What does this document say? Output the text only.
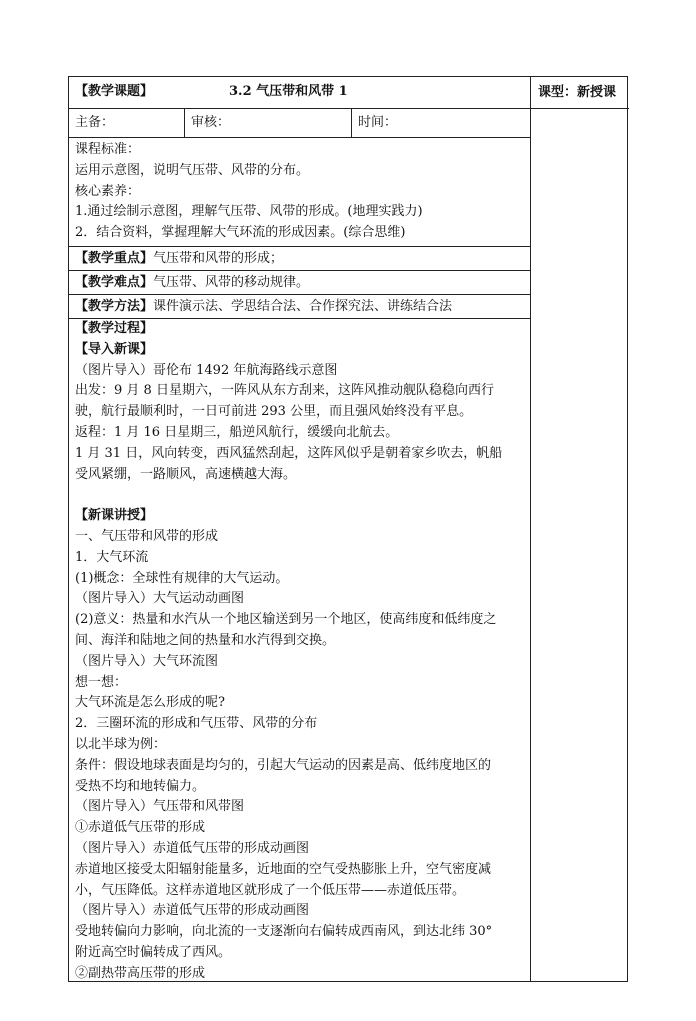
【教学课题】	3.2 气压带和风带 1	课型：新授课
主备：	审核：	时间：
课程标准：
运用示意图，说明气压带、风带的分布。
核心素养：
1.通过绘制示意图，理解气压带、风带的形成。(地理实践力)
2．结合资料，掌握理解大气环流的形成因素。(综合思维)
【教学重点】气压带和风带的形成；
【教学难点】气压带、风带的移动规律。
【教学方法】课件演示法、学思结合法、合作探究法、讲练结合法
【教学过程】
【导入新课】
（图片导入）哥伦布 1492 年航海路线示意图
出发：9 月 8 日星期六，一阵风从东方刮来，这阵风推动舰队稳稳向西行
驶，航行最顺利时，一日可前进 293 公里，而且强风始终没有平息。
返程：1 月 16 日星期三，船逆风航行，缓缓向北航去。
1 月 31 日，风向转变，西风猛然刮起，这阵风似乎是朝着家乡吹去，帆船
受风紧绷，一路顺风，高速横越大海。
【新课讲授】
一、气压带和风带的形成
1．大气环流
(1)概念：全球性有规律的大气运动。
（图片导入）大气运动动画图
(2)意义：热量和水汽从一个地区输送到另一个地区，使高纬度和低纬度之
间、海洋和陆地之间的热量和水汽得到交换。
（图片导入）大气环流图
想一想：
大气环流是怎么形成的呢?
2．三圈环流的形成和气压带、风带的分布
以北半球为例：
条件：假设地球表面是均匀的，引起大气运动的因素是高、低纬度地区的
受热不均和地转偏力。
（图片导入）气压带和风带图
①赤道低气压带的形成
（图片导入）赤道低气压带的形成动画图
赤道地区接受太阳辐射能量多，近地面的空气受热膨胀上升，空气密度减
小，气压降低。这样赤道地区就形成了一个低压带——赤道低压带。
（图片导入）赤道低气压带的形成动画图
受地转偏向力影响，向北流的一支逐渐向右偏转成西南风，到达北纬 30°
附近高空时偏转成了西风。
②副热带高压带的形成
